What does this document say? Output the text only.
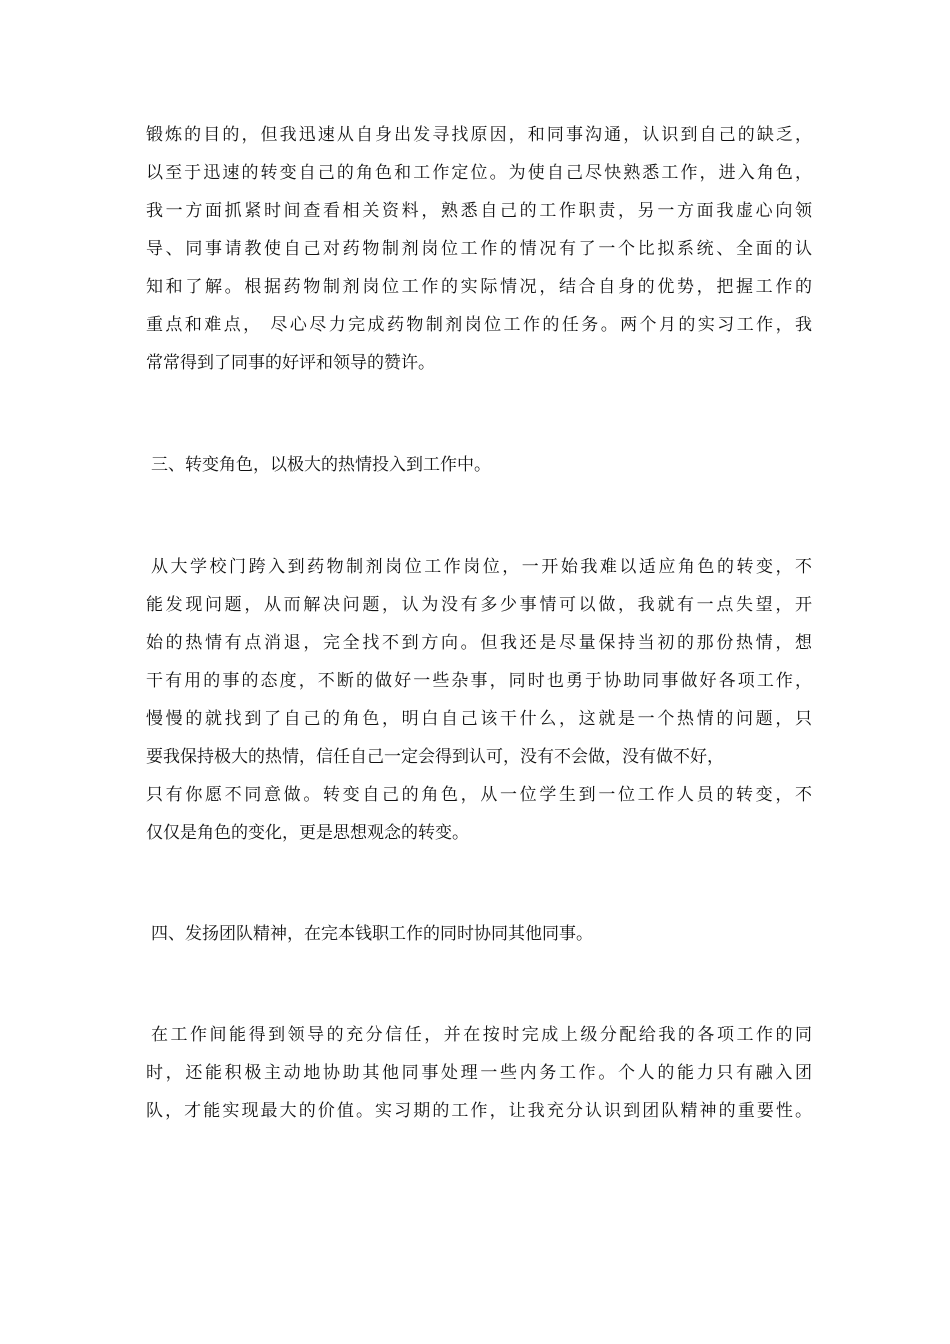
锻炼的目的，但我迅速从自身出发寻找原因，和同事沟通，认识到自己的缺乏，
以至于迅速的转变自己的角色和工作定位。为使自己尽快熟悉工作，进入角色，
我一方面抓紧时间查看相关资料，熟悉自己的工作职责，另一方面我虚心向领
导、同事请教使自己对药物制剂岗位工作的情况有了一个比拟系统、全面的认
知和了解。根据药物制剂岗位工作的实际情况，结合自身的优势，把握工作的
重点和难点， 尽心尽力完成药物制剂岗位工作的任务。两个月的实习工作，我
常常得到了同事的好评和领导的赞许。
三、转变角色，以极大的热情投入到工作中。
从大学校门跨入到药物制剂岗位工作岗位，一开始我难以适应角色的转变，不
能发现问题，从而解决问题，认为没有多少事情可以做，我就有一点失望，开
始的热情有点消退，完全找不到方向。但我还是尽量保持当初的那份热情，想
干有用的事的态度，不断的做好一些杂事，同时也勇于协助同事做好各项工作，
慢慢的就找到了自己的角色，明白自己该干什么，这就是一个热情的问题，只
要我保持极大的热情，信任自己一定会得到认可，没有不会做，没有做不好，
只有你愿不同意做。转变自己的角色，从一位学生到一位工作人员的转变，不
仅仅是角色的变化，更是思想观念的转变。
四、发扬团队精神，在完本钱职工作的同时协同其他同事。
在工作间能得到领导的充分信任，并在按时完成上级分配给我的各项工作的同
时，还能积极主动地协助其他同事处理一些内务工作。个人的能力只有融入团
队，才能实现最大的价值。实习期的工作，让我充分认识到团队精神的重要性。
